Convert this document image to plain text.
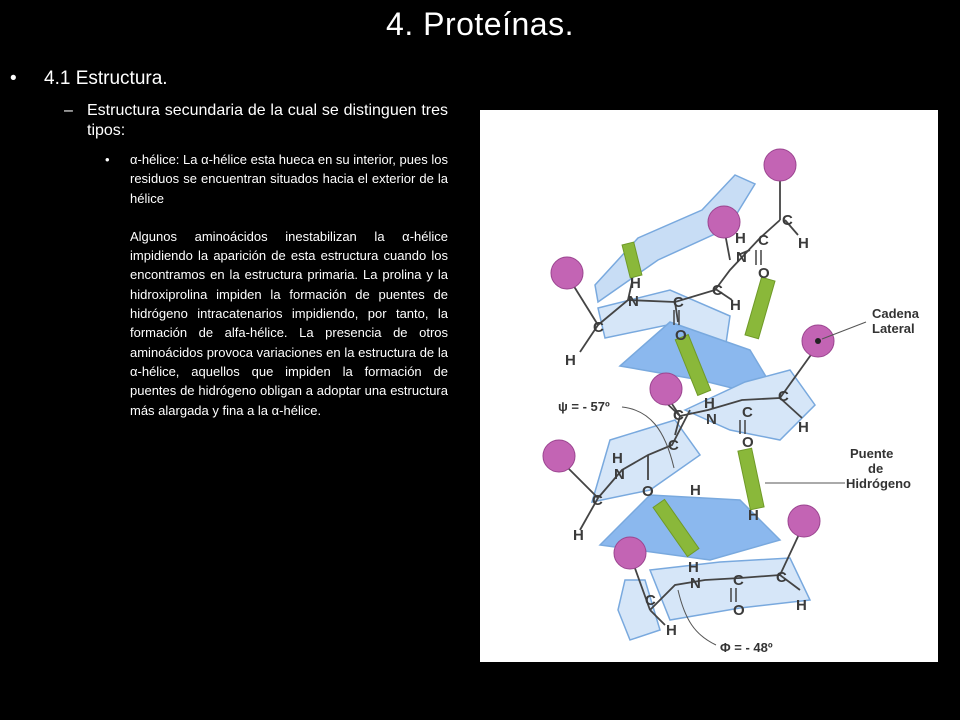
4. Proteínas.
• 4.1 Estructura.
– Estructura secundaria de la cual se distinguen tres tipos:
• α-hélice: La α-hélice esta hueca en su interior, pues los residuos se encuentran situados hacia el exterior de la hélice
Algunos aminoácidos inestabilizan la α-hélice impidiendo la aparición de esta estructura cuando los encontramos en la estructura primaria. La prolina y la hidroxiprolina impiden la formación de puentes de hidrógeno intracatenarios impidiendo, por tanto, la formación de alfa-hélice. La presencia de otros aminoácidos provoca variaciones en la estructura de la α-hélice, aquellos que impiden la formación de puentes de hidrógeno obligan a adoptar una estructura más alargada y fina a la α-hélice.
C
H
C
H
N
O
C
H
C
O
N
H
C
H
H
N C
O
C
H
C
C
H
N
O
C
H
H
H
H
N C
O
C
H
C
H
Cadena
Lateral
Puente
de
Hidrógeno
ψ = - 57º
Φ = - 48º
